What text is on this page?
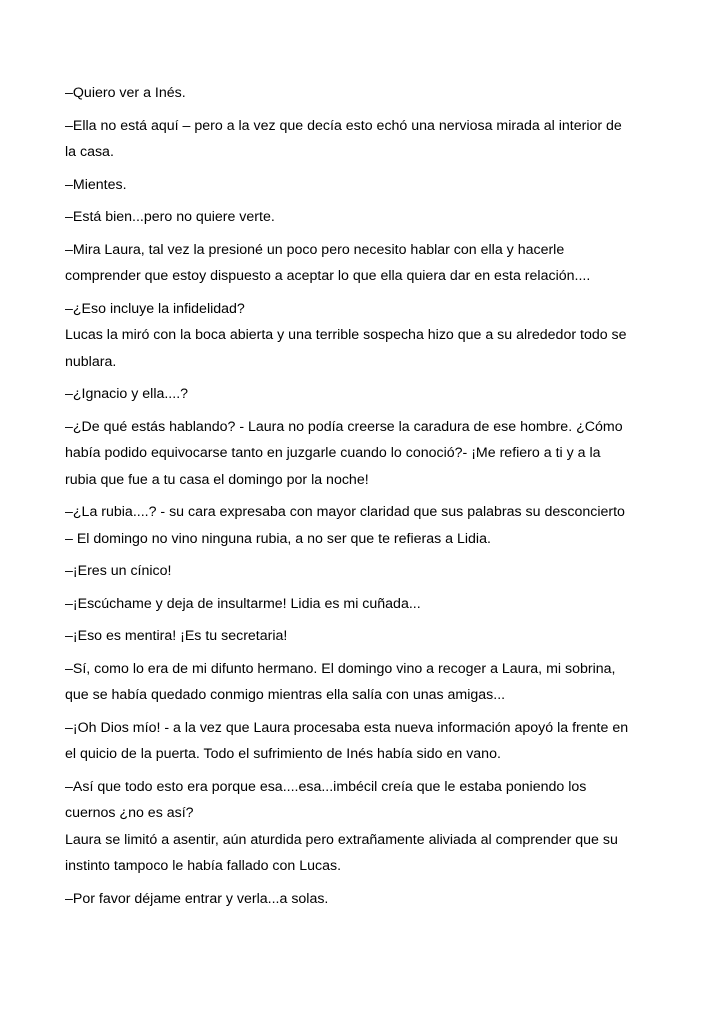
–Quiero ver a Inés.
–Ella no está aquí – pero a la vez que decía esto echó una nerviosa mirada al interior de
la casa.
–Mientes.
–Está bien...pero no quiere verte.
–Mira Laura, tal vez la presioné un poco pero necesito hablar con ella y hacerle
comprender que estoy dispuesto a aceptar lo que ella quiera dar en esta relación....
–¿Eso incluye la infidelidad?
Lucas la miró con la boca abierta y una terrible sospecha hizo que a su alrededor todo se
nublara.
–¿Ignacio y ella....?
–¿De qué estás hablando? - Laura no podía creerse la caradura de ese hombre. ¿Cómo
había podido equivocarse tanto en juzgarle cuando lo conoció?- ¡Me refiero a ti y a la
rubia que fue a tu casa el domingo por la noche!
–¿La rubia....? - su cara expresaba con mayor claridad que sus palabras su desconcierto
– El domingo no vino ninguna rubia, a no ser que te refieras a Lidia.
–¡Eres un cínico!
–¡Escúchame y deja de insultarme! Lidia es mi cuñada...
–¡Eso es mentira! ¡Es tu secretaria!
–Sí, como lo era de mi difunto hermano. El domingo vino a recoger a Laura, mi sobrina,
que se había quedado conmigo mientras ella salía con unas amigas...
–¡Oh Dios mío! - a la vez que Laura procesaba esta nueva información apoyó la frente en
el quicio de la puerta. Todo el sufrimiento de Inés había sido en vano.
–Así que todo esto era porque esa....esa...imbécil creía que le estaba poniendo los
cuernos ¿no es así?
Laura se limitó a asentir, aún aturdida pero extrañamente aliviada al comprender que su
instinto tampoco le había fallado con Lucas.
–Por favor déjame entrar y verla...a solas.
